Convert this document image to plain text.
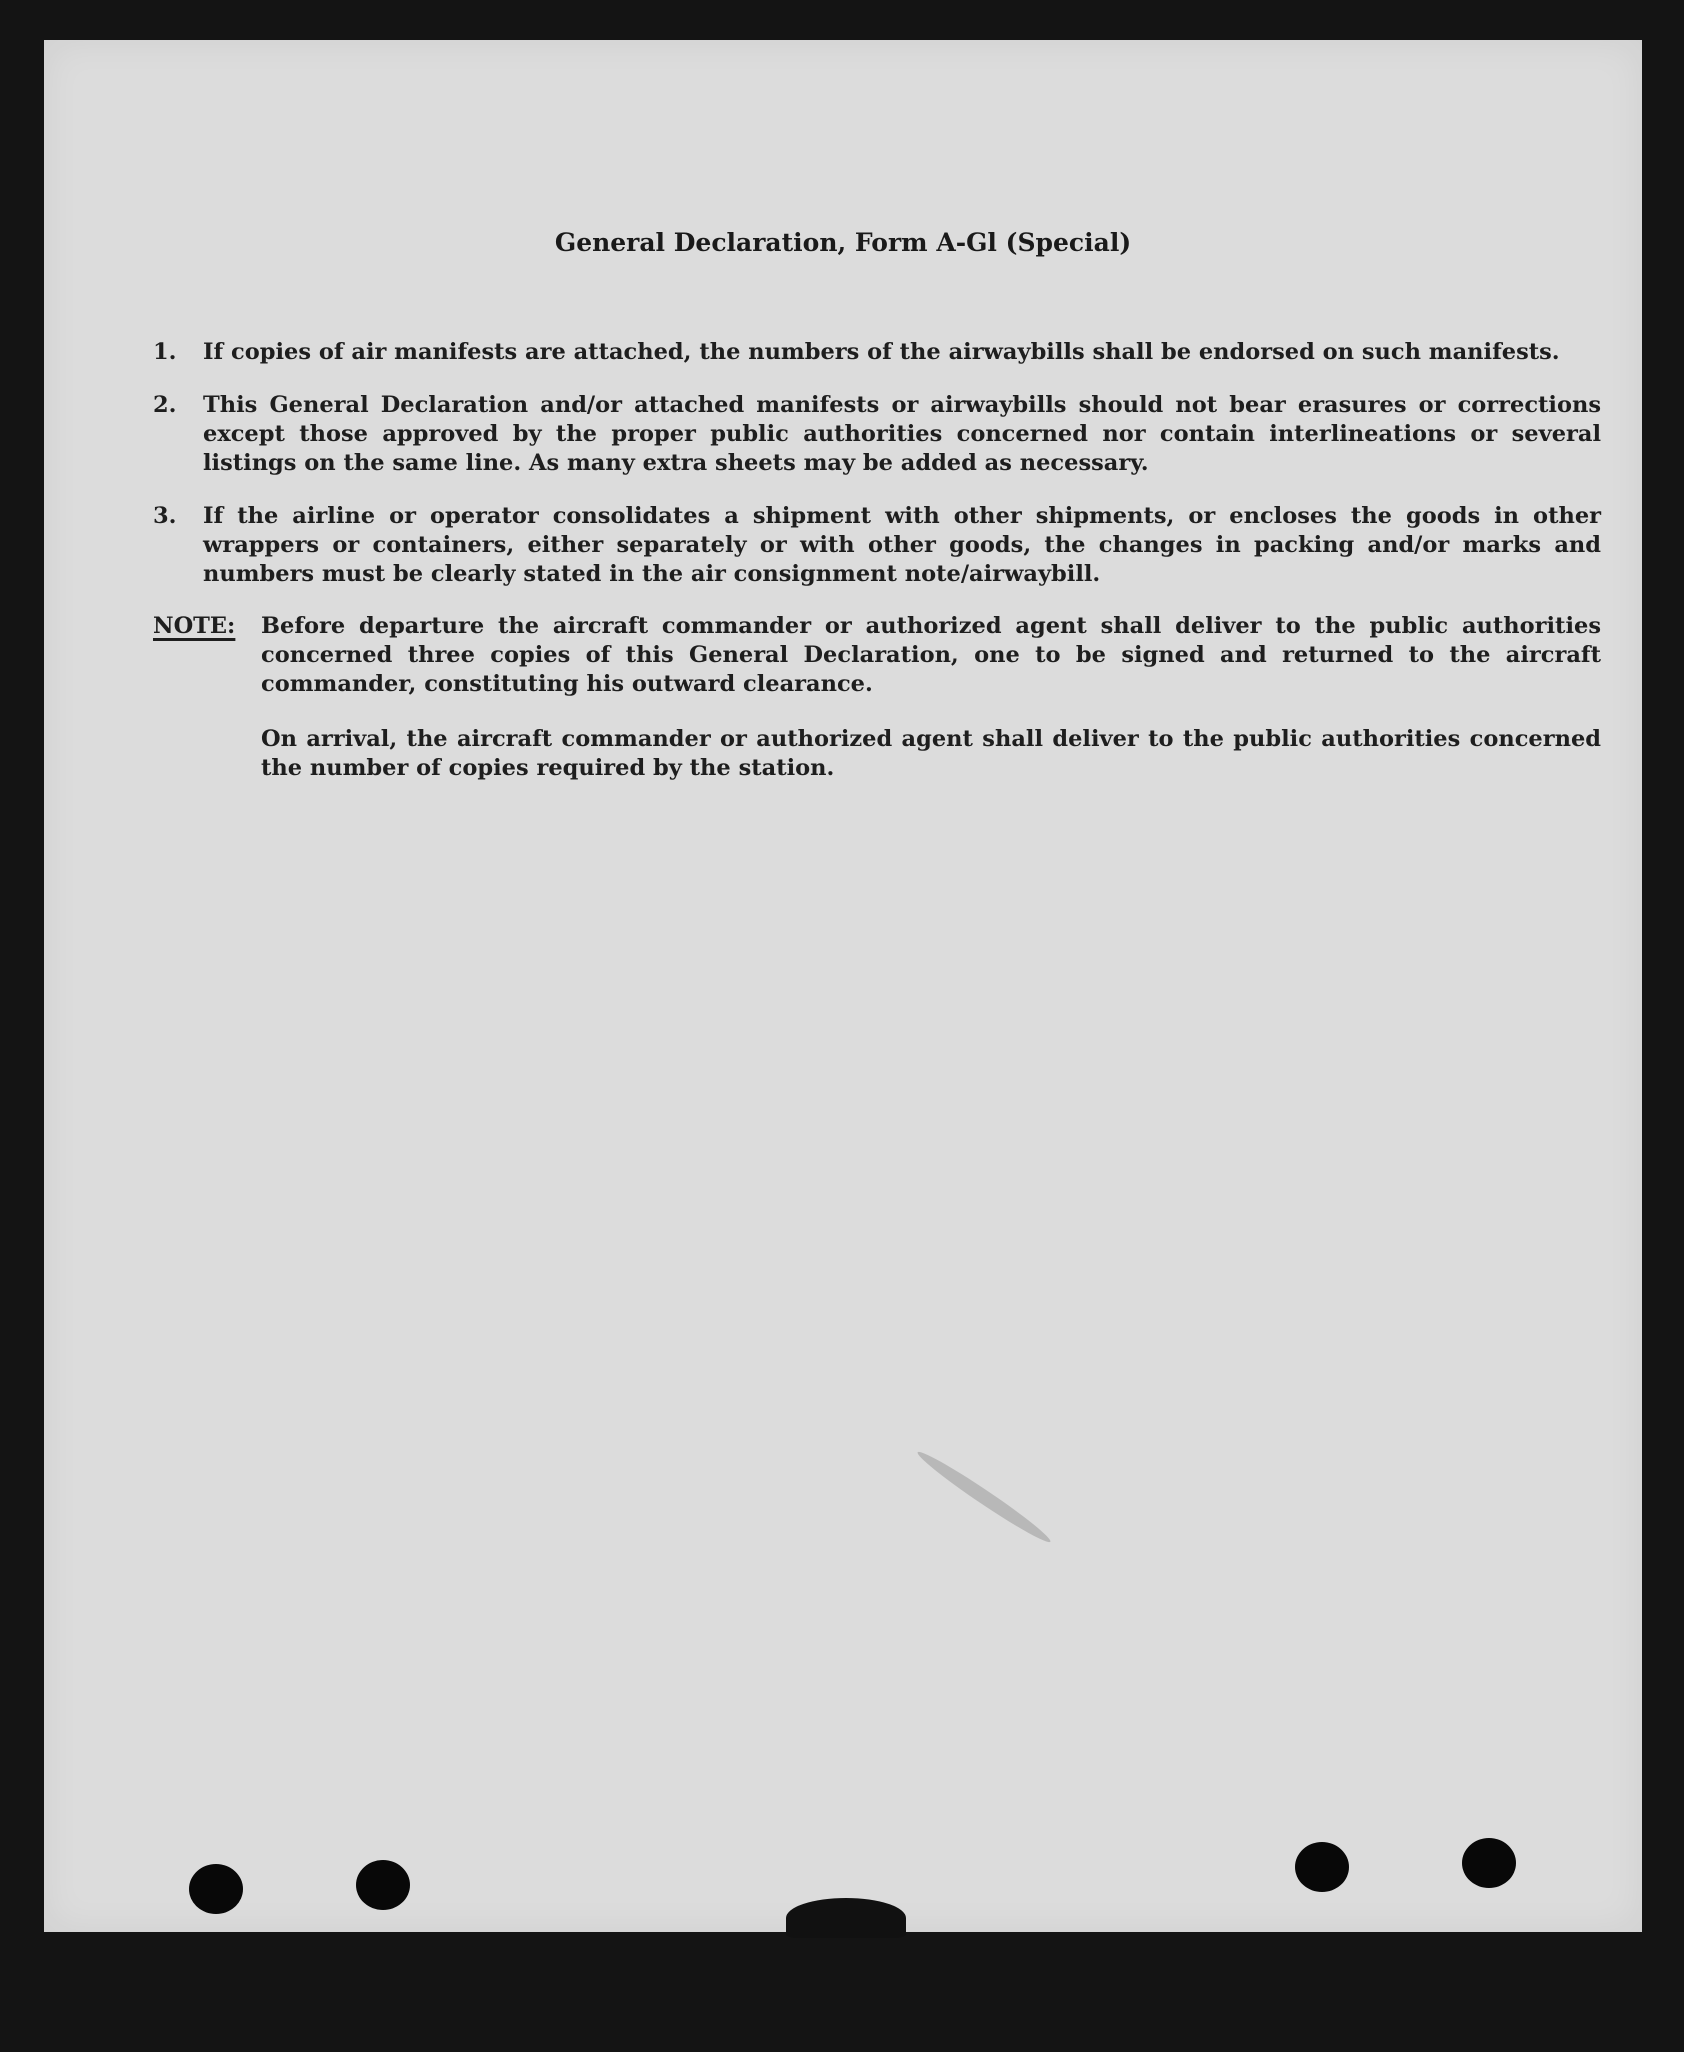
General Declaration, Form A-Gl (Special)
1. If copies of air manifests are attached, the numbers of the airwaybills shall be endorsed on such manifests.
2. This General Declaration and/or attached manifests or airwaybills should not bear erasures or corrections except those approved by the proper public authorities concerned nor contain interlineations or several listings on the same line. As many extra sheets may be added as necessary.
3. If the airline or operator consolidates a shipment with other shipments, or encloses the goods in other wrappers or containers, either separately or with other goods, the changes in packing and/or marks and numbers must be clearly stated in the air consignment note/airwaybill.
NOTE: Before departure the aircraft commander or authorized agent shall deliver to the public authorities concerned three copies of this General Declaration, one to be signed and returned to the aircraft commander, constituting his outward clearance.
On arrival, the aircraft commander or authorized agent shall deliver to the public authorities concerned the number of copies required by the station.
